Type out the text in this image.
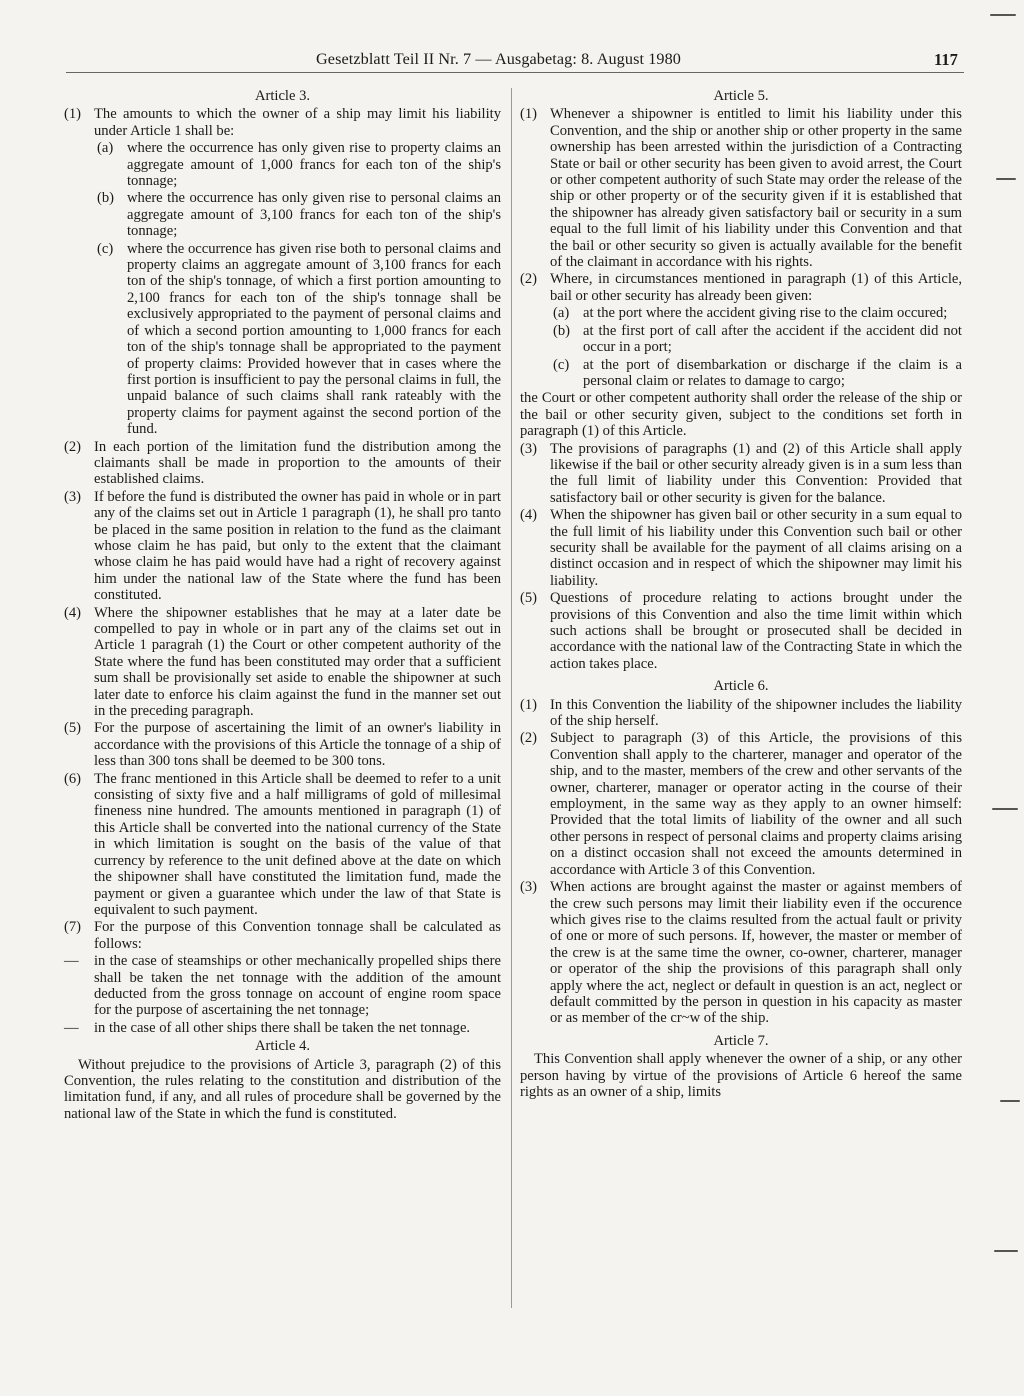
Gesetzblatt Teil II Nr. 7 — Ausgabetag: 8. August 1980	117
Article 3.
(1) The amounts to which the owner of a ship may limit his liability under Article 1 shall be:
(a) where the occurrence has only given rise to property claims an aggregate amount of 1,000 francs for each ton of the ship's tonnage;
(b) where the occurrence has only given rise to personal claims an aggregate amount of 3,100 francs for each ton of the ship's tonnage;
(c) where the occurrence has given rise both to personal claims and property claims an aggregate amount of 3,100 francs for each ton of the ship's tonnage, of which a first portion amounting to 2,100 francs for each ton of the ship's tonnage shall be exclusively appropriated to the payment of personal claims and of which a second portion amounting to 1,000 francs for each ton of the ship's tonnage shall be appropriated to the payment of property claims: Provided however that in cases where the first portion is insufficient to pay the personal claims in full, the unpaid balance of such claims shall rank rateably with the property claims for payment against the second portion of the fund.
(2) In each portion of the limitation fund the distribution among the claimants shall be made in proportion to the amounts of their established claims.
(3) If before the fund is distributed the owner has paid in whole or in part any of the claims set out in Article 1 paragraph (1), he shall pro tanto be placed in the same position in relation to the fund as the claimant whose claim he has paid, but only to the extent that the claimant whose claim he has paid would have had a right of recovery against him under the national law of the State where the fund has been constituted.
(4) Where the shipowner establishes that he may at a later date be compelled to pay in whole or in part any of the claims set out in Article 1 paragrah (1) the Court or other competent authority of the State where the fund has been constituted may order that a sufficient sum shall be provisionally set aside to enable the shipowner at such later date to enforce his claim against the fund in the manner set out in the preceding paragraph.
(5) For the purpose of ascertaining the limit of an owner's liability in accordance with the provisions of this Article the tonnage of a ship of less than 300 tons shall be deemed to be 300 tons.
(6) The franc mentioned in this Article shall be deemed to refer to a unit consisting of sixty five and a half milligrams of gold of millesimal fineness nine hundred. The amounts mentioned in paragraph (1) of this Article shall be converted into the national currency of the State in which limitation is sought on the basis of the value of that currency by reference to the unit defined above at the date on which the shipowner shall have constituted the limitation fund, made the payment or given a guarantee which under the law of that State is equivalent to such payment.
(7) For the purpose of this Convention tonnage shall be calculated as follows:
— in the case of steamships or other mechanically propelled ships there shall be taken the net tonnage with the addition of the amount deducted from the gross tonnage on account of engine room space for the purpose of ascertaining the net tonnage;
— in the case of all other ships there shall be taken the net tonnage.
Article 4.
Without prejudice to the provisions of Article 3, paragraph (2) of this Convention, the rules relating to the constitution and distribution of the limitation fund, if any, and all rules of procedure shall be governed by the national law of the State in which the fund is constituted.
Article 5.
(1) Whenever a shipowner is entitled to limit his liability under this Convention, and the ship or another ship or other property in the same ownership has been arrested within the jurisdiction of a Contracting State or bail or other security has been given to avoid arrest, the Court or other competent authority of such State may order the release of the ship or other property or of the security given if it is established that the shipowner has already given satisfactory bail or security in a sum equal to the full limit of his liability under this Convention and that the bail or other security so given is actually available for the benefit of the claimant in accordance with his rights.
(2) Where, in circumstances mentioned in paragraph (1) of this Article, bail or other security has already been given:
(a) at the port where the accident giving rise to the claim occured;
(b) at the first port of call after the accident if the accident did not occur in a port;
(c) at the port of disembarkation or discharge if the claim is a personal claim or relates to damage to cargo;
the Court or other competent authority shall order the release of the ship or the bail or other security given, subject to the conditions set forth in paragraph (1) of this Article.
(3) The provisions of paragraphs (1) and (2) of this Article shall apply likewise if the bail or other security already given is in a sum less than the full limit of liability under this Convention: Provided that satisfactory bail or other security is given for the balance.
(4) When the shipowner has given bail or other security in a sum equal to the full limit of his liability under this Convention such bail or other security shall be available for the payment of all claims arising on a distinct occasion and in respect of which the shipowner may limit his liability.
(5) Questions of procedure relating to actions brought under the provisions of this Convention and also the time limit within which such actions shall be brought or prosecuted shall be decided in accordance with the national law of the Contracting State in which the action takes place.
Article 6.
(1) In this Convention the liability of the shipowner includes the liability of the ship herself.
(2) Subject to paragraph (3) of this Article, the provisions of this Convention shall apply to the charterer, manager and operator of the ship, and to the master, members of the crew and other servants of the owner, charterer, manager or operator acting in the course of their employment, in the same way as they apply to an owner himself: Provided that the total limits of liability of the owner and all such other persons in respect of personal claims and property claims arising on a distinct occasion shall not exceed the amounts determined in accordance with Article 3 of this Convention.
(3) When actions are brought against the master or against members of the crew such persons may limit their liability even if the occurence which gives rise to the claims resulted from the actual fault or privity of one or more of such persons. If, however, the master or member of the crew is at the same time the owner, co-owner, charterer, manager or operator of the ship the provisions of this paragraph shall only apply where the act, neglect or default in question is an act, neglect or default committed by the person in question in his capacity as master or as member of the cr~w of the ship.
Article 7.
This Convention shall apply whenever the owner of a ship, or any other person having by virtue of the provisions of Article 6 hereof the same rights as an owner of a ship, limits
